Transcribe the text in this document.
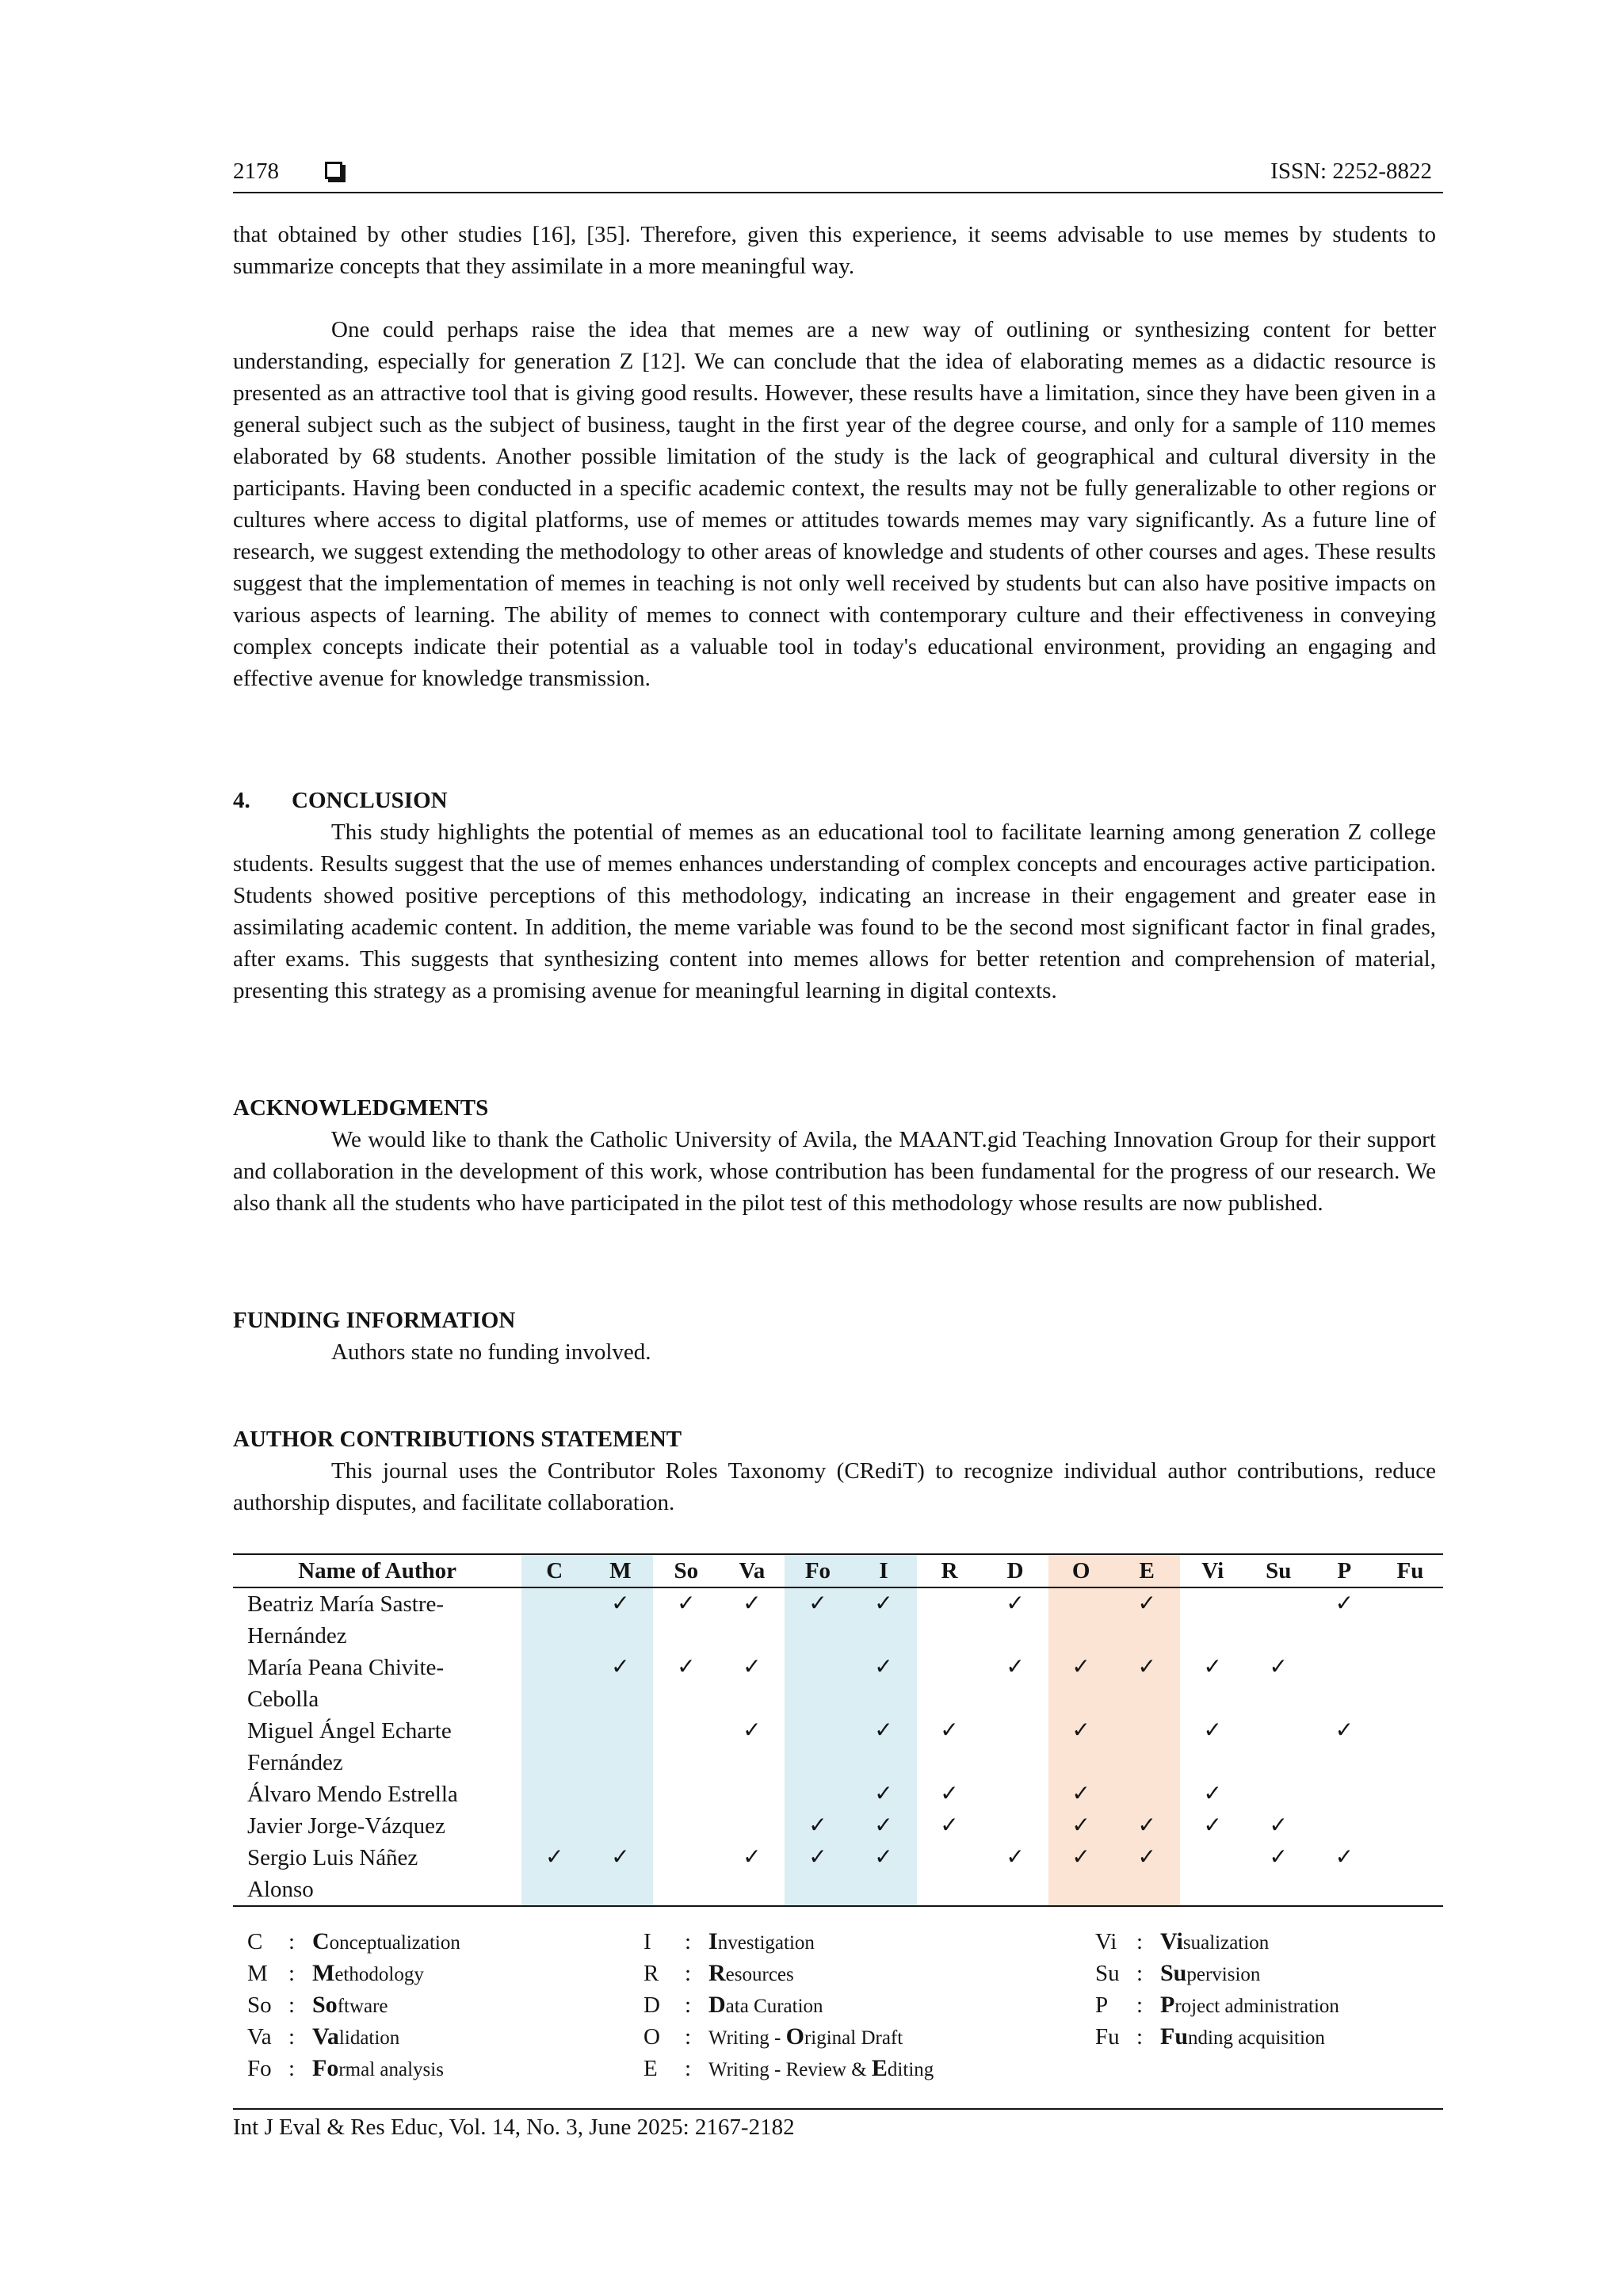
2178	ISSN: 2252-8822

that obtained by other studies [16], [35]. Therefore, given this experience, it seems advisable to use memes by students to summarize concepts that they assimilate in a more meaningful way.

One could perhaps raise the idea that memes are a new way of outlining or synthesizing content for better understanding, especially for generation Z [12]. We can conclude that the idea of elaborating memes as a didactic resource is presented as an attractive tool that is giving good results. However, these results have a limitation, since they have been given in a general subject such as the subject of business, taught in the first year of the degree course, and only for a sample of 110 memes elaborated by 68 students. Another possible limitation of the study is the lack of geographical and cultural diversity in the participants. Having been conducted in a specific academic context, the results may not be fully generalizable to other regions or cultures where access to digital platforms, use of memes or attitudes towards memes may vary significantly. As a future line of research, we suggest extending the methodology to other areas of knowledge and students of other courses and ages. These results suggest that the implementation of memes in teaching is not only well received by students but can also have positive impacts on various aspects of learning. The ability of memes to connect with contemporary culture and their effectiveness in conveying complex concepts indicate their potential as a valuable tool in today's educational environment, providing an engaging and effective avenue for knowledge transmission.

4. CONCLUSION

This study highlights the potential of memes as an educational tool to facilitate learning among generation Z college students. Results suggest that the use of memes enhances understanding of complex concepts and encourages active participation. Students showed positive perceptions of this methodology, indicating an increase in their engagement and greater ease in assimilating academic content. In addition, the meme variable was found to be the second most significant factor in final grades, after exams. This suggests that synthesizing content into memes allows for better retention and comprehension of material, presenting this strategy as a promising avenue for meaningful learning in digital contexts.

ACKNOWLEDGMENTS

We would like to thank the Catholic University of Avila, the MAANT.gid Teaching Innovation Group for their support and collaboration in the development of this work, whose contribution has been fundamental for the progress of our research. We also thank all the students who have participated in the pilot test of this methodology whose results are now published.

FUNDING INFORMATION

Authors state no funding involved.

AUTHOR CONTRIBUTIONS STATEMENT

This journal uses the Contributor Roles Taxonomy (CRediT) to recognize individual author contributions, reduce authorship disputes, and facilitate collaboration.

Name of Author	C	M	So	Va	Fo	I	R	D	O	E	Vi	Su	P	Fu

Beatriz María Sastre-
Hernández		✓	✓	✓	✓	✓		✓		✓			✓	

María Peana Chivite-
Cebolla		✓	✓	✓		✓		✓	✓	✓	✓	✓		

Miguel Ángel Echarte
Fernández				✓		✓	✓		✓		✓		✓	

Álvaro Mendo Estrella						✓	✓		✓		✓			

Javier Jorge-Vázquez					✓	✓	✓		✓	✓	✓	✓		

Sergio Luis Náñez
Alonso	✓	✓		✓	✓	✓		✓	✓	✓		✓	✓	
C : Conceptualization
M : Methodology
So : Software
Va : Validation
Fo : Formal analysis
I : Investigation
R : Resources
D : Data Curation
O : Writing - Original Draft
E : Writing - Review & Editing
Vi : Visualization
Su : Supervision
P : Project administration
Fu : Funding acquisition
Int J Eval & Res Educ, Vol. 14, No. 3, June 2025: 2167-2182
